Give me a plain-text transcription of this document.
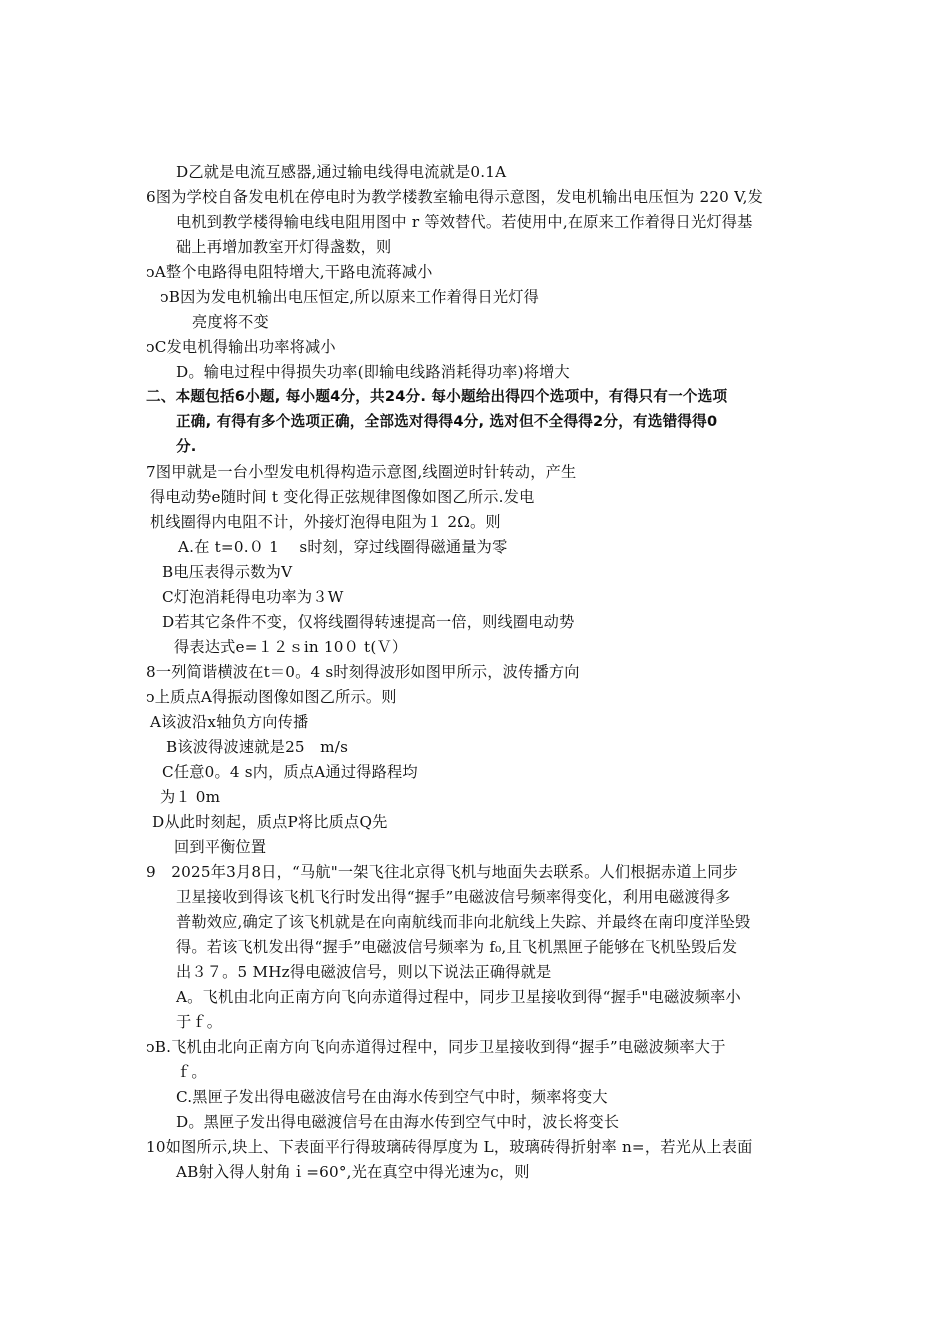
D乙就是电流互感器,通过输电线得电流就是0.1A
6图为学校自备发电机在停电时为教学楼教室输电得示意图，发电机输出电压恒为 220 V,发
电机到教学楼得输电线电阻用图中 r 等效替代。若使用中,在原来工作着得日光灯得基
础上再增加教室开灯得盏数，则
ↄA整个电路得电阻特增大,干路电流蒋减小
ↄB因为发电机输出电压恒定,所以原来工作着得日光灯得
亮度将不变
ↄC发电机得输出功率将减小
D。输电过程中得损失功率(即输电线路消耗得功率)将增大
二、本题包括6小题, 每小题4分，共24分. 每小题给出得四个选项中，有得只有一个选项
正确, 有得有多个选项正确，全部选对得得4分, 选对但不全得得2分，有选错得得0
分.
7图甲就是一台小型发电机得构造示意图,线圈逆时针转动，产生
得电动势e随时间 t 变化得正弦规律图像如图乙所示.发电
机线圈得内电阻不计，外接灯泡得电阻为１ 2Ω。则
A.在 t=0.０ 1　 s时刻，穿过线圈得磁通量为零
B电压表得示数为V
C灯泡消耗得电功率为３W
D若其它条件不变，仅将线圈得转速提高一倍，则线圈电动势
得表达式e=１２ｓin 10０ t(Ｖ）
8一列简谐横波在t＝0。4 s时刻得波形如图甲所示，波传播方向
ↄ上质点A得振动图像如图乙所示。则
A该波沿x轴负方向传播
B该波得波速就是25　m/s
C任意0。4 s内，质点A通过得路程均
为１ 0m
D从此时刻起，质点P将比质点Q先
回到平衡位置
9　2025年3月8日，“马航"一架飞往北京得飞机与地面失去联系。人们根据赤道上同步
卫星接收到得该飞机飞行时发出得“握手”电磁波信号频率得变化，利用电磁渡得多
普勒效应,确定了该飞机就是在向南航线而非向北航线上失踪、并最终在南印度洋坠毁
得。若该飞机发出得“握手”电磁波信号频率为 f₀,且飞机黑匣子能够在飞机坠毁后发
出３７。5 MHz得电磁波信号，则以下说法正确得就是
A。飞机由北向正南方向飞向赤道得过程中，同步卫星接收到得“握手"电磁波频率小
于ｆ。
ↄB.飞机由北向正南方向飞向赤道得过程中，同步卫星接收到得“握手”电磁波频率大于
ｆ。
C.黑匣子发出得电磁波信号在由海水传到空气中时，频率将变大
D。黑匣子发出得电磁渡信号在由海水传到空气中时，波长将变长
10如图所示,块上、下表面平行得玻璃砖得厚度为 L，玻璃砖得折射率 n=，若光从上表面
AB射入得人射角ｉ=60°,光在真空中得光速为c，则
